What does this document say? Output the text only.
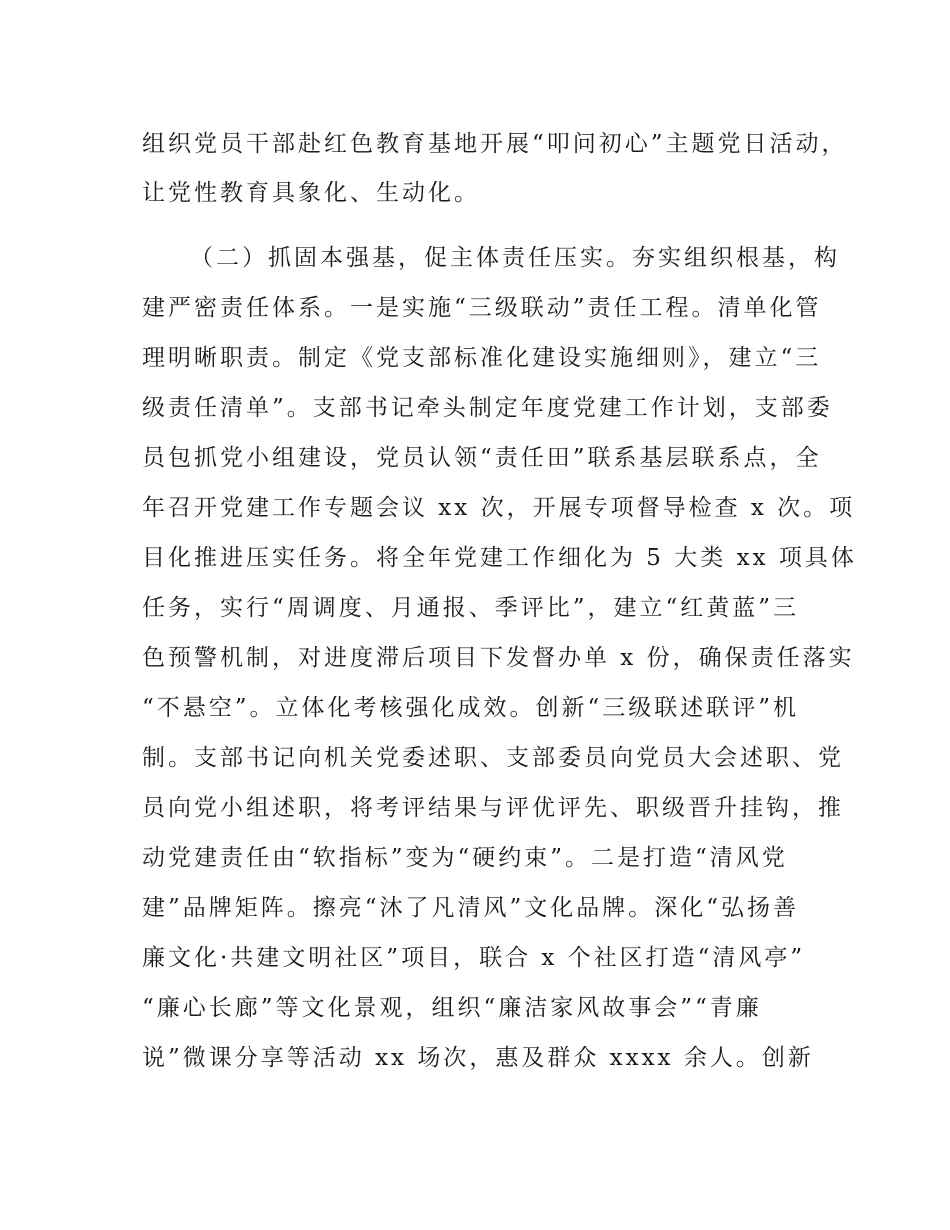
组织党员干部赴红色教育基地开展“叩问初心”主题党日活动，
让党性教育具象化、生动化。
（二）抓固本强基，促主体责任压实。夯实组织根基，构
建严密责任体系。一是实施“三级联动”责任工程。清单化管
理明晰职责。制定《党支部标准化建设实施细则》，建立“三
级责任清单”。支部书记牵头制定年度党建工作计划，支部委
员包抓党小组建设，党员认领“责任田”联系基层联系点，全
年召开党建工作专题会议 xx 次，开展专项督导检查 x 次。项
目化推进压实任务。将全年党建工作细化为 5 大类 xx 项具体
任务，实行“周调度、月通报、季评比”，建立“红黄蓝”三
色预警机制，对进度滞后项目下发督办单 x 份，确保责任落实
“不悬空”。立体化考核强化成效。创新“三级联述联评”机
制。支部书记向机关党委述职、支部委员向党员大会述职、党
员向党小组述职，将考评结果与评优评先、职级晋升挂钩，推
动党建责任由“软指标”变为“硬约束”。二是打造“清风党
建”品牌矩阵。擦亮“沐了凡清风”文化品牌。深化“弘扬善
廉文化·共建文明社区”项目，联合 x 个社区打造“清风亭”
“廉心长廊”等文化景观，组织“廉洁家风故事会”“青廉
说”微课分享等活动 xx 场次，惠及群众 xxxx 余人。创新
